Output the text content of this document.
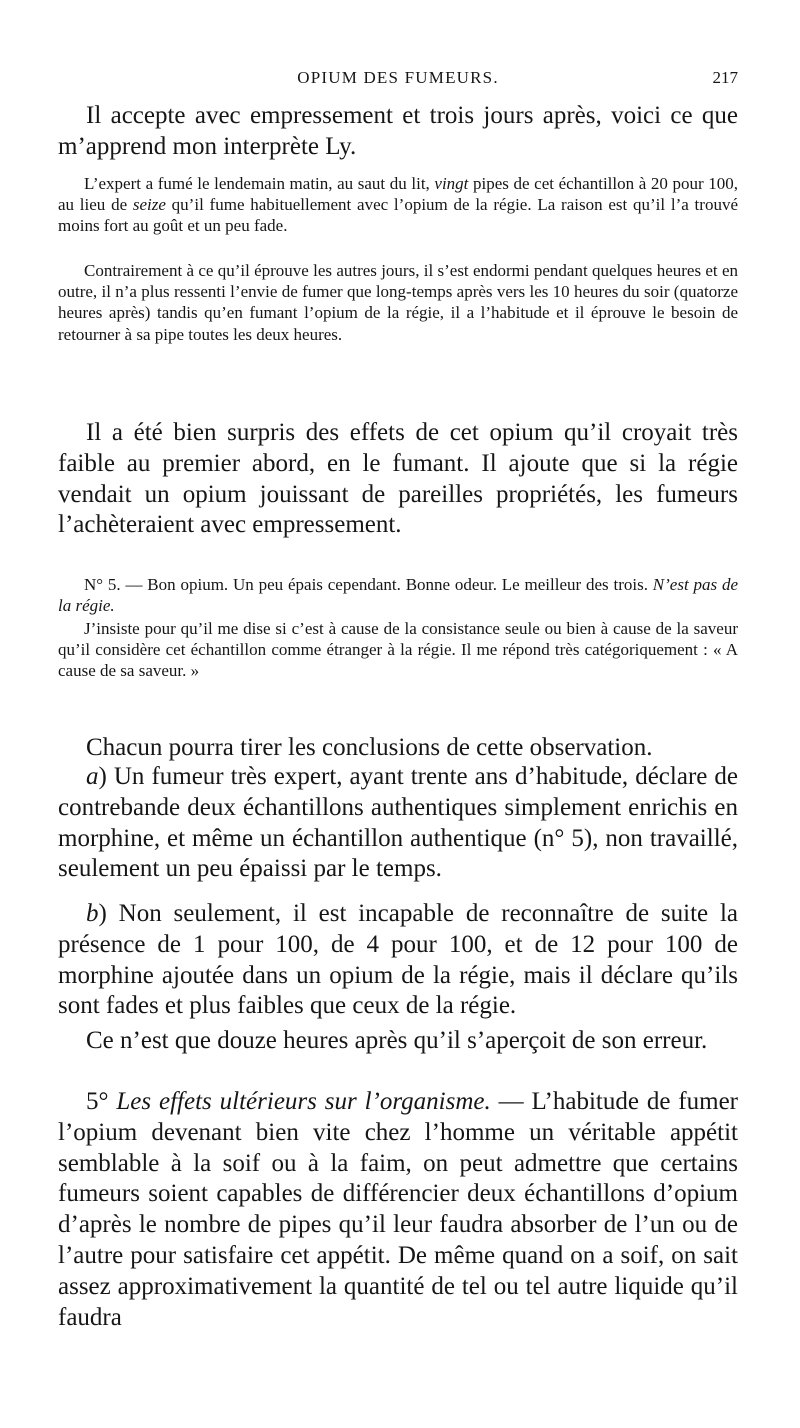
OPIUM DES FUMEURS.	217

Il accepte avec empressement et trois jours après, voici ce que m’apprend mon interprète Ly.

L’expert a fumé le lendemain matin, au saut du lit, vingt pipes de cet échantillon à 20 pour 100, au lieu de seize qu’il fume habituellement avec l’opium de la régie. La raison est qu’il l’a trouvé moins fort au goût et un peu fade.

Contrairement à ce qu’il éprouve les autres jours, il s’est endormi pendant quelques heures et en outre, il n’a plus ressenti l’envie de fumer que long-temps après vers les 10 heures du soir (quatorze heures après) tandis qu’en fumant l’opium de la régie, il a l’habitude et il éprouve le besoin de retourner à sa pipe toutes les deux heures.

Il a été bien surpris des effets de cet opium qu’il croyait très faible au premier abord, en le fumant. Il ajoute que si la régie vendait un opium jouissant de pareilles propriétés, les fumeurs l’achèteraient avec empressement.

N° 5. — Bon opium. Un peu épais cependant. Bonne odeur. Le meilleur des trois. N’est pas de la régie.

J’insiste pour qu’il me dise si c’est à cause de la consistance seule ou bien à cause de la saveur qu’il considère cet échantillon comme étranger à la régie. Il me répond très catégoriquement : « A cause de sa saveur. »

Chacun pourra tirer les conclusions de cette observation.

a) Un fumeur très expert, ayant trente ans d’habitude, déclare de contrebande deux échantillons authentiques simplement enrichis en morphine, et même un échantillon authentique (n° 5), non travaillé, seulement un peu épaissi par le temps.

b) Non seulement, il est incapable de reconnaître de suite la présence de 1 pour 100, de 4 pour 100, et de 12 pour 100 de morphine ajoutée dans un opium de la régie, mais il déclare qu’ils sont fades et plus faibles que ceux de la régie.

Ce n’est que douze heures après qu’il s’aperçoit de son erreur.

5° Les effets ultérieurs sur l’organisme. — L’habitude de fumer l’opium devenant bien vite chez l’homme un véritable appétit semblable à la soif ou à la faim, on peut admettre que certains fumeurs soient capables de différencier deux échantillons d’opium d’après le nombre de pipes qu’il leur faudra absorber de l’un ou de l’autre pour satisfaire cet appétit. De même quand on a soif, on sait assez approximativement la quantité de tel ou tel autre liquide qu’il faudra
